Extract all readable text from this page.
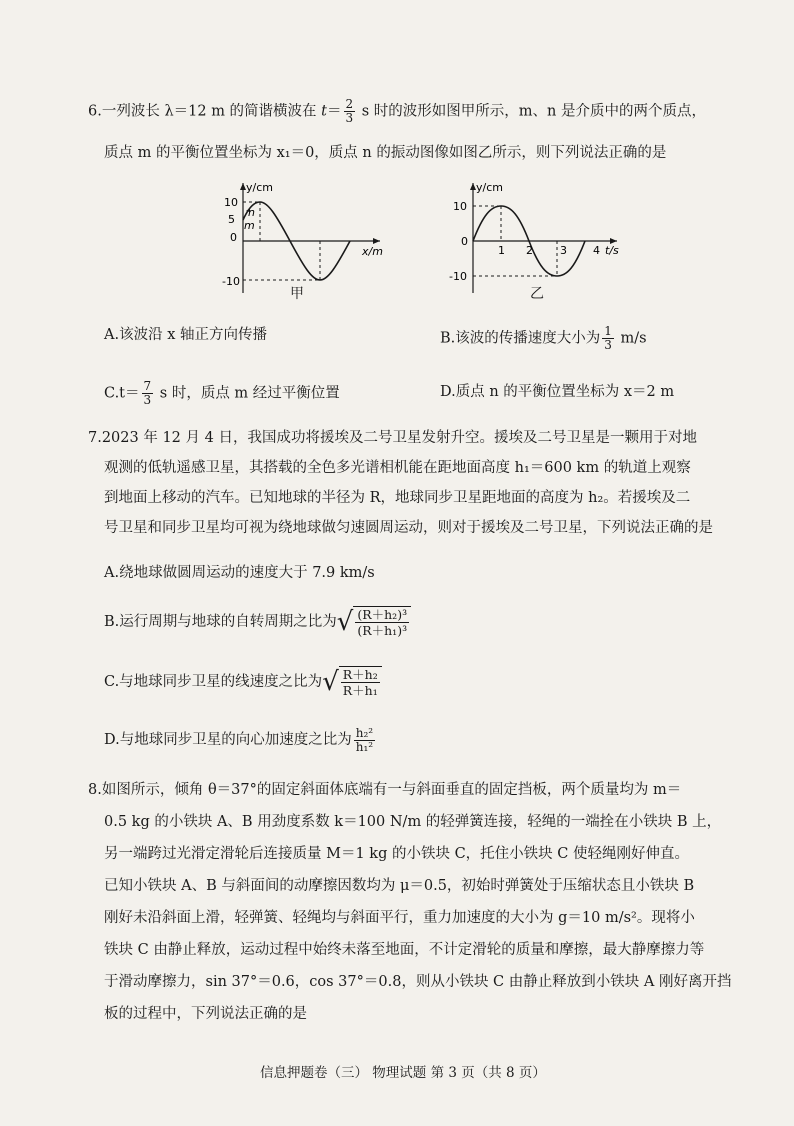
6.一列波长 λ＝12 m 的简谐横波在 $t= \frac{2}{3}$ s 时的波形如图甲所示，m、n 是介质中的两个质点，
质点 m 的平衡位置坐标为 x₁＝0，质点 n 的振动图像如图乙所示，则下列说法正确的是
y/cm
10
5
0
-10
n
m
x/m
甲
y/cm
10
0
-10
1 2 3 4 t/s
乙
A.该波沿 x 轴正方向传播	B.该波的传播速度大小为 $\frac{1}{3} m/s$
$C.t= \frac{7}{3}$ s 时，质点 m 经过平衡位置	D.质点 n 的平衡位置坐标为 x＝2 m
7.2023 年 12 月 4 日，我国成功将援埃及二号卫星发射升空。援埃及二号卫星是一颗用于对地
观测的低轨遥感卫星，其搭载的全色多光谱相机能在距地面高度 h₁＝600 km 的轨道上观察
到地面上移动的汽车。已知地球的半径为 R，地球同步卫星距地面的高度为 h₂。若援埃及二
号卫星和同步卫星均可视为绕地球做匀速圆周运动，则对于援埃及二号卫星，下列说法正确的是
A.绕地球做圆周运动的速度大于 7.9 km/s
B.运行周期与地球的自转周期之比为 √ $\frac{\text{(R＋h₂)³}}{\text{(R＋h₁)³}}$
C.与地球同步卫星的线速度之比为 √ $\frac{\text{R＋h₂}}{\text{R＋h₁}}$
D.与地球同步卫星的向心加速度之比为 $\frac{\text{h₂²}}{\text{h₁²}}$
8.如图所示，倾角 θ＝37°的固定斜面体底端有一与斜面垂直的固定挡板，两个质量均为 m＝
0.5 kg 的小铁块 A、B 用劲度系数 k＝100 N/m 的轻弹簧连接，轻绳的一端拴在小铁块 B 上，
另一端跨过光滑定滑轮后连接质量 M＝1 kg 的小铁块 C，托住小铁块 C 使轻绳刚好伸直。
已知小铁块 A、B 与斜面间的动摩擦因数均为 μ＝0.5，初始时弹簧处于压缩状态且小铁块 B
刚好未沿斜面上滑，轻弹簧、轻绳均与斜面平行，重力加速度的大小为 g＝10 m/s²。现将小
铁块 C 由静止释放，运动过程中始终未落至地面，不计定滑轮的质量和摩擦，最大静摩擦力等
于滑动摩擦力，sin 37°＝0.6，cos 37°＝0.8，则从小铁块 C 由静止释放到小铁块 A 刚好离开挡
板的过程中，下列说法正确的是
信息押题卷（三） 物理试题 第 3 页（共 8 页）
